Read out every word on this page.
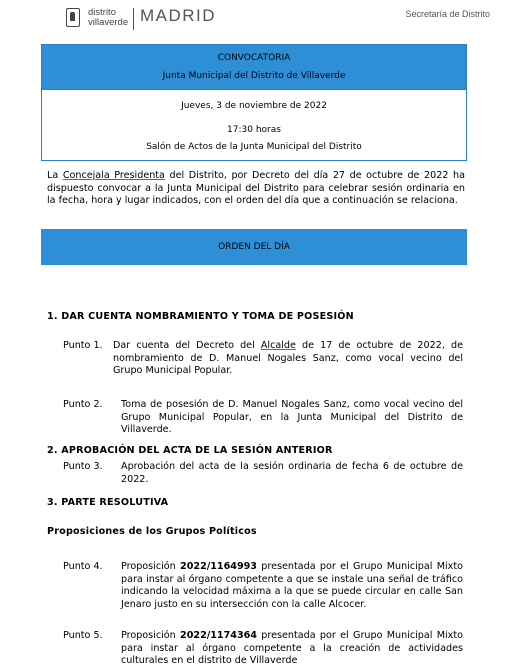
distrito
villaverde MADRID	Secretaría de Distrito
CONVOCATORIA
Junta Municipal del Distrito de Villaverde
Jueves, 3 de noviembre de 2022
17:30 horas
Salón de Actos de la Junta Municipal del Distrito
La Concejala Presidenta del Distrito, por Decreto del día 27 de octubre de 2022 ha dispuesto convocar a la Junta Municipal del Distrito para celebrar sesión ordinaria en la fecha, hora y lugar indicados, con el orden del día que a continuación se relaciona.
ORDEN DEL DÍA
1. DAR CUENTA NOMBRAMIENTO Y TOMA DE POSESIÓN
Punto 1. Dar cuenta del Decreto del Alcalde de 17 de octubre de 2022, de nombramiento de D. Manuel Nogales Sanz, como vocal vecino del Grupo Municipal Popular.
Punto 2. Toma de posesión de D. Manuel Nogales Sanz, como vocal vecino del Grupo Municipal Popular, en la Junta Municipal del Distrito de Villaverde.
2. APROBACIÓN DEL ACTA DE LA SESIÓN ANTERIOR
Punto 3. Aprobación del acta de la sesión ordinaria de fecha 6 de octubre de 2022.
3. PARTE RESOLUTIVA
Proposiciones de los Grupos Políticos
Punto 4. Proposición 2022/1164993 presentada por el Grupo Municipal Mixto para instar al órgano competente a que se instale una señal de tráfico indicando la velocidad máxima a la que se puede circular en calle San Jenaro justo en su intersección con la calle Alcocer.
Punto 5. Proposición 2022/1174364 presentada por el Grupo Municipal Mixto para instar al órgano competente a la creación de actividades culturales en el distrito de Villaverde
